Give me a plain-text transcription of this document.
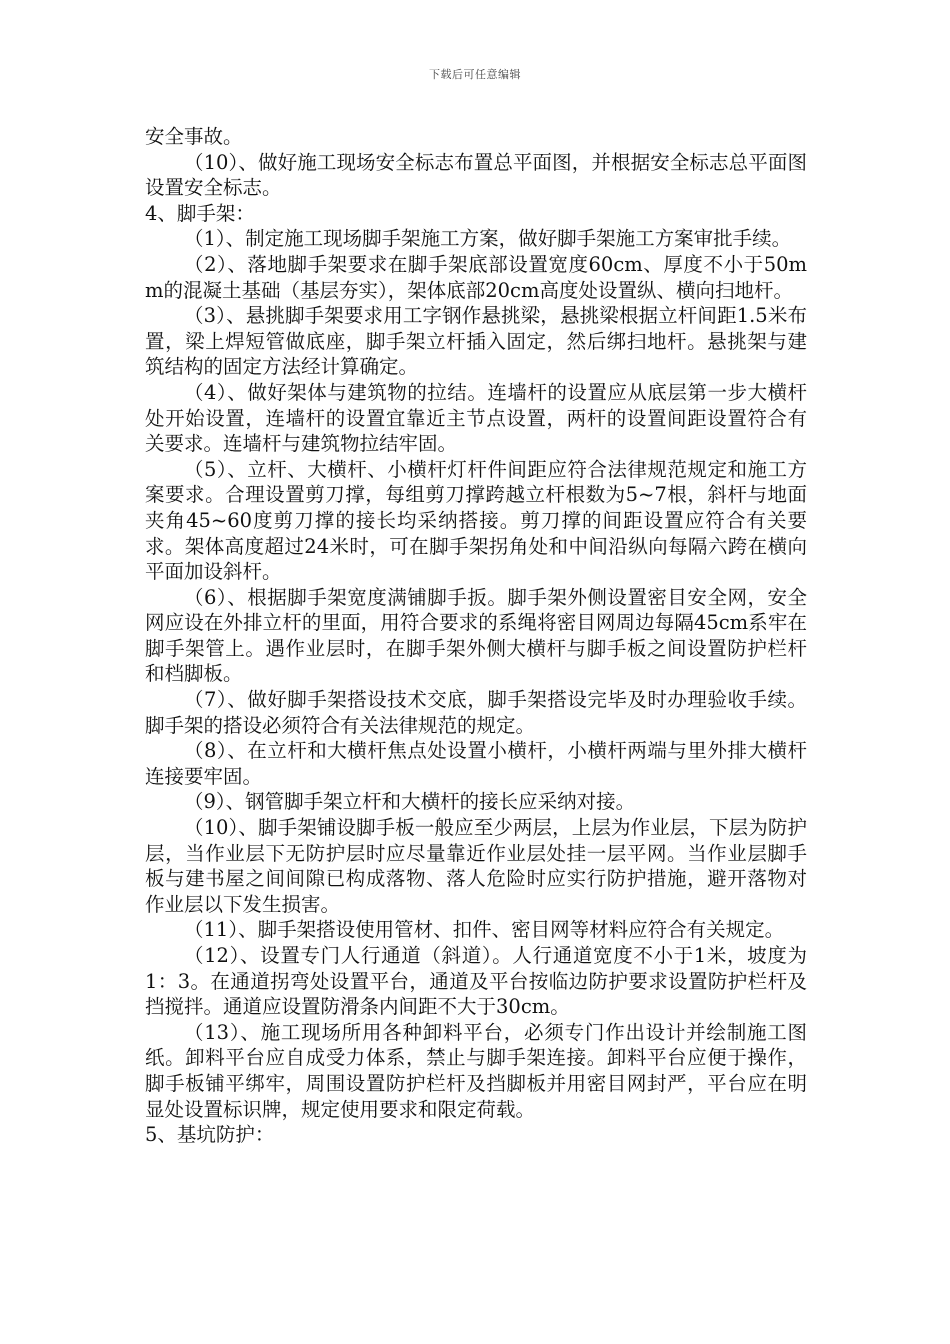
下载后可任意编辑

安全事故。

（10）、做好施工现场安全标志布置总平面图，并根据安全标志总平面图设置安全标志。

4、脚手架：

（1）、制定施工现场脚手架施工方案，做好脚手架施工方案审批手续。

（2）、落地脚手架要求在脚手架底部设置宽度60cm、厚度不小于50mm的混凝土基础（基层夯实），架体底部20cm高度处设置纵、横向扫地杆。

（3）、悬挑脚手架要求用工字钢作悬挑梁，悬挑梁根据立杆间距1.5米布置，梁上焊短管做底座，脚手架立杆插入固定，然后绑扫地杆。悬挑架与建筑结构的固定方法经计算确定。

（4）、做好架体与建筑物的拉结。连墙杆的设置应从底层第一步大横杆处开始设置，连墙杆的设置宜靠近主节点设置，两杆的设置间距设置符合有关要求。连墙杆与建筑物拉结牢固。

（5）、立杆、大横杆、小横杆灯杆件间距应符合法律规范规定和施工方案要求。合理设置剪刀撑，每组剪刀撑跨越立杆根数为5~7根，斜杆与地面夹角45~60度剪刀撑的接长均采纳搭接。剪刀撑的间距设置应符合有关要求。架体高度超过24米时，可在脚手架拐角处和中间沿纵向每隔六跨在横向平面加设斜杆。

（6）、根据脚手架宽度满铺脚手扳。脚手架外侧设置密目安全网，安全网应设在外排立杆的里面，用符合要求的系绳将密目网周边每隔45cm系牢在脚手架管上。遇作业层时，在脚手架外侧大横杆与脚手板之间设置防护栏杆和档脚板。

（7）、做好脚手架搭设技术交底，脚手架搭设完毕及时办理验收手续。脚手架的搭设必须符合有关法律规范的规定。

（8）、在立杆和大横杆焦点处设置小横杆，小横杆两端与里外排大横杆连接要牢固。

（9）、钢管脚手架立杆和大横杆的接长应采纳对接。

（10）、脚手架铺设脚手板一般应至少两层，上层为作业层，下层为防护层，当作业层下无防护层时应尽量靠近作业层处挂一层平网。当作业层脚手板与建书屋之间间隙已构成落物、落人危险时应实行防护措施，避开落物对作业层以下发生损害。

（11）、脚手架搭设使用管材、扣件、密目网等材料应符合有关规定。

（12）、设置专门人行通道（斜道）。人行通道宽度不小于1米，坡度为1：3。在通道拐弯处设置平台，通道及平台按临边防护要求设置防护栏杆及挡搅拌。通道应设置防滑条内间距不大于30cm。

（13）、施工现场所用各种卸料平台，必须专门作出设计并绘制施工图纸。卸料平台应自成受力体系，禁止与脚手架连接。卸料平台应便于操作，脚手板铺平绑牢，周围设置防护栏杆及挡脚板并用密目网封严，平台应在明显处设置标识牌，规定使用要求和限定荷载。

5、基坑防护：
